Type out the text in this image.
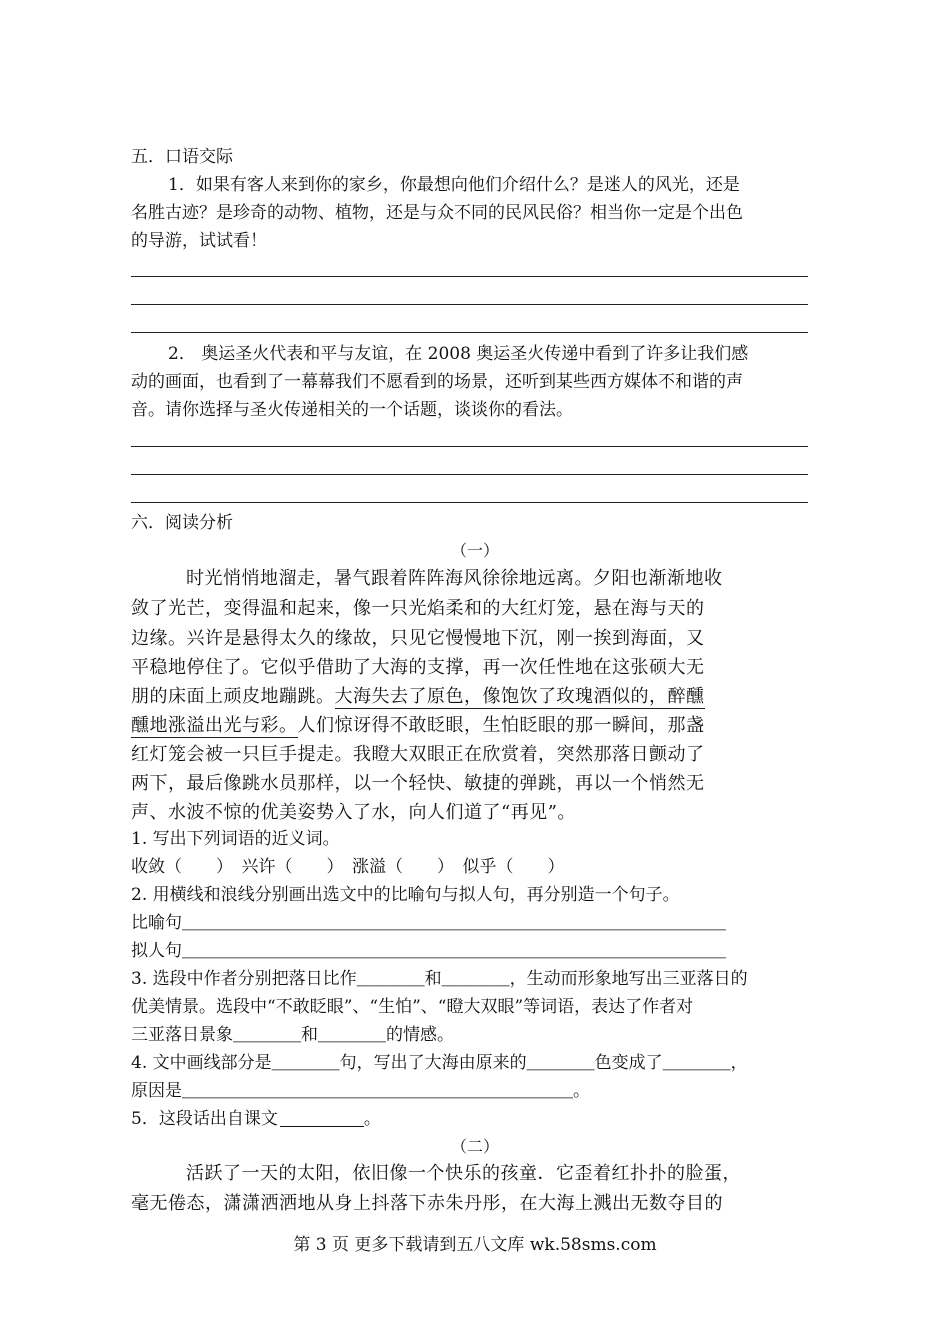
五．口语交际
1．如果有客人来到你的家乡，你最想向他们介绍什么？是迷人的风光，还是
名胜古迹？是珍奇的动物、植物，还是与众不同的民风民俗？相当你一定是个出色
的导游，试试看！
2． 奥运圣火代表和平与友谊，在 2008 奥运圣火传递中看到了许多让我们感
动的画面，也看到了一幕幕我们不愿看到的场景，还听到某些西方媒体不和谐的声
音。请你选择与圣火传递相关的一个话题，谈谈你的看法。
六．阅读分析
（一）
时光悄悄地溜走，暑气跟着阵阵海风徐徐地远离。夕阳也渐渐地收
敛了光芒，变得温和起来，像一只光焰柔和的大红灯笼，悬在海与天的
边缘。兴许是悬得太久的缘故，只见它慢慢地下沉，刚一挨到海面，又
平稳地停住了。它似乎借助了大海的支撑，再一次任性地在这张硕大无
朋的床面上顽皮地蹦跳。大海失去了原色，像饱饮了玫瑰酒似的，醉醺
醺地涨溢出光与彩。人们惊讶得不敢眨眼，生怕眨眼的那一瞬间，那盏
红灯笼会被一只巨手提走。我瞪大双眼正在欣赏着，突然那落日颤动了
两下，最后像跳水员那样，以一个轻快、敏捷的弹跳，再以一个悄然无
声、水波不惊的优美姿势入了水，向人们道了“再见”。
1. 写出下列词语的近义词。
收敛（　　）　兴许（　　）　涨溢（　　）　似乎（　　）
2. 用横线和浪线分别画出选文中的比喻句与拟人句，再分别造一个句子。
比喻句＿＿＿＿＿＿＿＿＿＿＿＿＿＿＿＿＿＿＿＿＿＿＿＿＿＿＿＿＿＿＿＿
拟人句＿＿＿＿＿＿＿＿＿＿＿＿＿＿＿＿＿＿＿＿＿＿＿＿＿＿＿＿＿＿＿＿
3. 选段中作者分别把落日比作＿＿＿＿和＿＿＿＿，生动而形象地写出三亚落日的
优美情景。选段中“不敢眨眼”、“生怕”、“瞪大双眼”等词语，表达了作者对
三亚落日景象＿＿＿＿和＿＿＿＿的情感。
4. 文中画线部分是＿＿＿＿句，写出了大海由原来的＿＿＿＿色变成了＿＿＿＿，
原因是＿＿＿＿＿＿＿＿＿＿＿＿＿＿＿＿＿＿＿＿＿＿＿。
5．这段话出自课文	。
（二）
活跃了一天的太阳，依旧像一个快乐的孩童．它歪着红扑扑的脸蛋，
毫无倦态，潇潇洒洒地从身上抖落下赤朱丹彤，在大海上溅出无数夺目的
第 3 页 更多下载请到五八文库 wk.58sms.com
